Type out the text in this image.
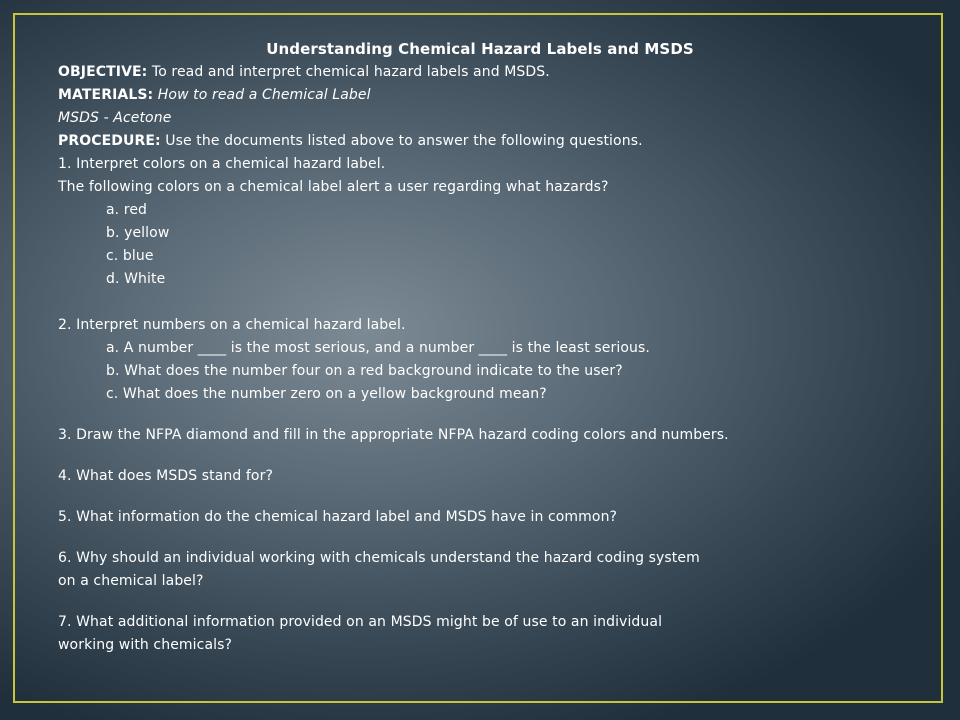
Understanding Chemical Hazard Labels and MSDS
OBJECTIVE: To read and interpret chemical hazard labels and MSDS.
MATERIALS: How to read a Chemical Label
MSDS - Acetone
PROCEDURE: Use the documents listed above to answer the following questions.
1. Interpret colors on a chemical hazard label.
The following colors on a chemical label alert a user regarding what hazards?
a. red
b. yellow
c. blue
d. White
2. Interpret numbers on a chemical hazard label.
a. A number ____ is the most serious, and a number ____ is the least serious.
b. What does the number four on a red background indicate to the user?
c. What does the number zero on a yellow background mean?
3. Draw the NFPA diamond and fill in the appropriate NFPA hazard coding colors and numbers.
4. What does MSDS stand for?
5. What information do the chemical hazard label and MSDS have in common?
6. Why should an individual working with chemicals understand the hazard coding system
on a chemical label?
7. What additional information provided on an MSDS might be of use to an individual
working with chemicals?
